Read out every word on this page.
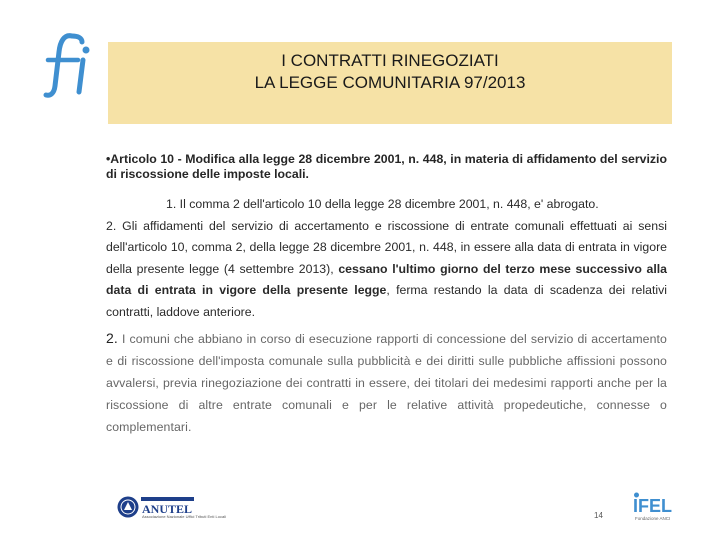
I CONTRATTI RINEGOZIATI
LA LEGGE COMUNITARIA 97/2013

•Articolo 10 - Modifica alla legge 28 dicembre 2001, n. 448, in materia di affidamento del servizio di riscossione delle imposte locali.

1. Il comma 2 dell'articolo 10 della legge 28 dicembre 2001, n. 448, e' abrogato.

2. Gli affidamenti del servizio di accertamento e riscossione di entrate comunali effettuati ai sensi dell'articolo 10, comma 2, della legge 28 dicembre 2001, n. 448, in essere alla data di entrata in vigore della presente legge (4 settembre 2013), cessano l'ultimo giorno del terzo mese successivo alla data di entrata in vigore della presente legge, ferma restando la data di scadenza dei relativi contratti, laddove anteriore.

2. I comuni che abbiano in corso di esecuzione rapporti di concessione del servizio di accertamento e di riscossione dell'imposta comunale sulla pubblicità e dei diritti sulle pubbliche affissioni possono avvalersi, previa rinegoziazione dei contratti in essere, dei titolari dei medesimi rapporti anche per la riscossione di altre entrate comunali e per le relative attività propedeutiche, connesse o complementari.

ANUTEL
Associazione Nazionale Uffici Tributi Enti Locali	14 IFEL
Fondazione ANCI
